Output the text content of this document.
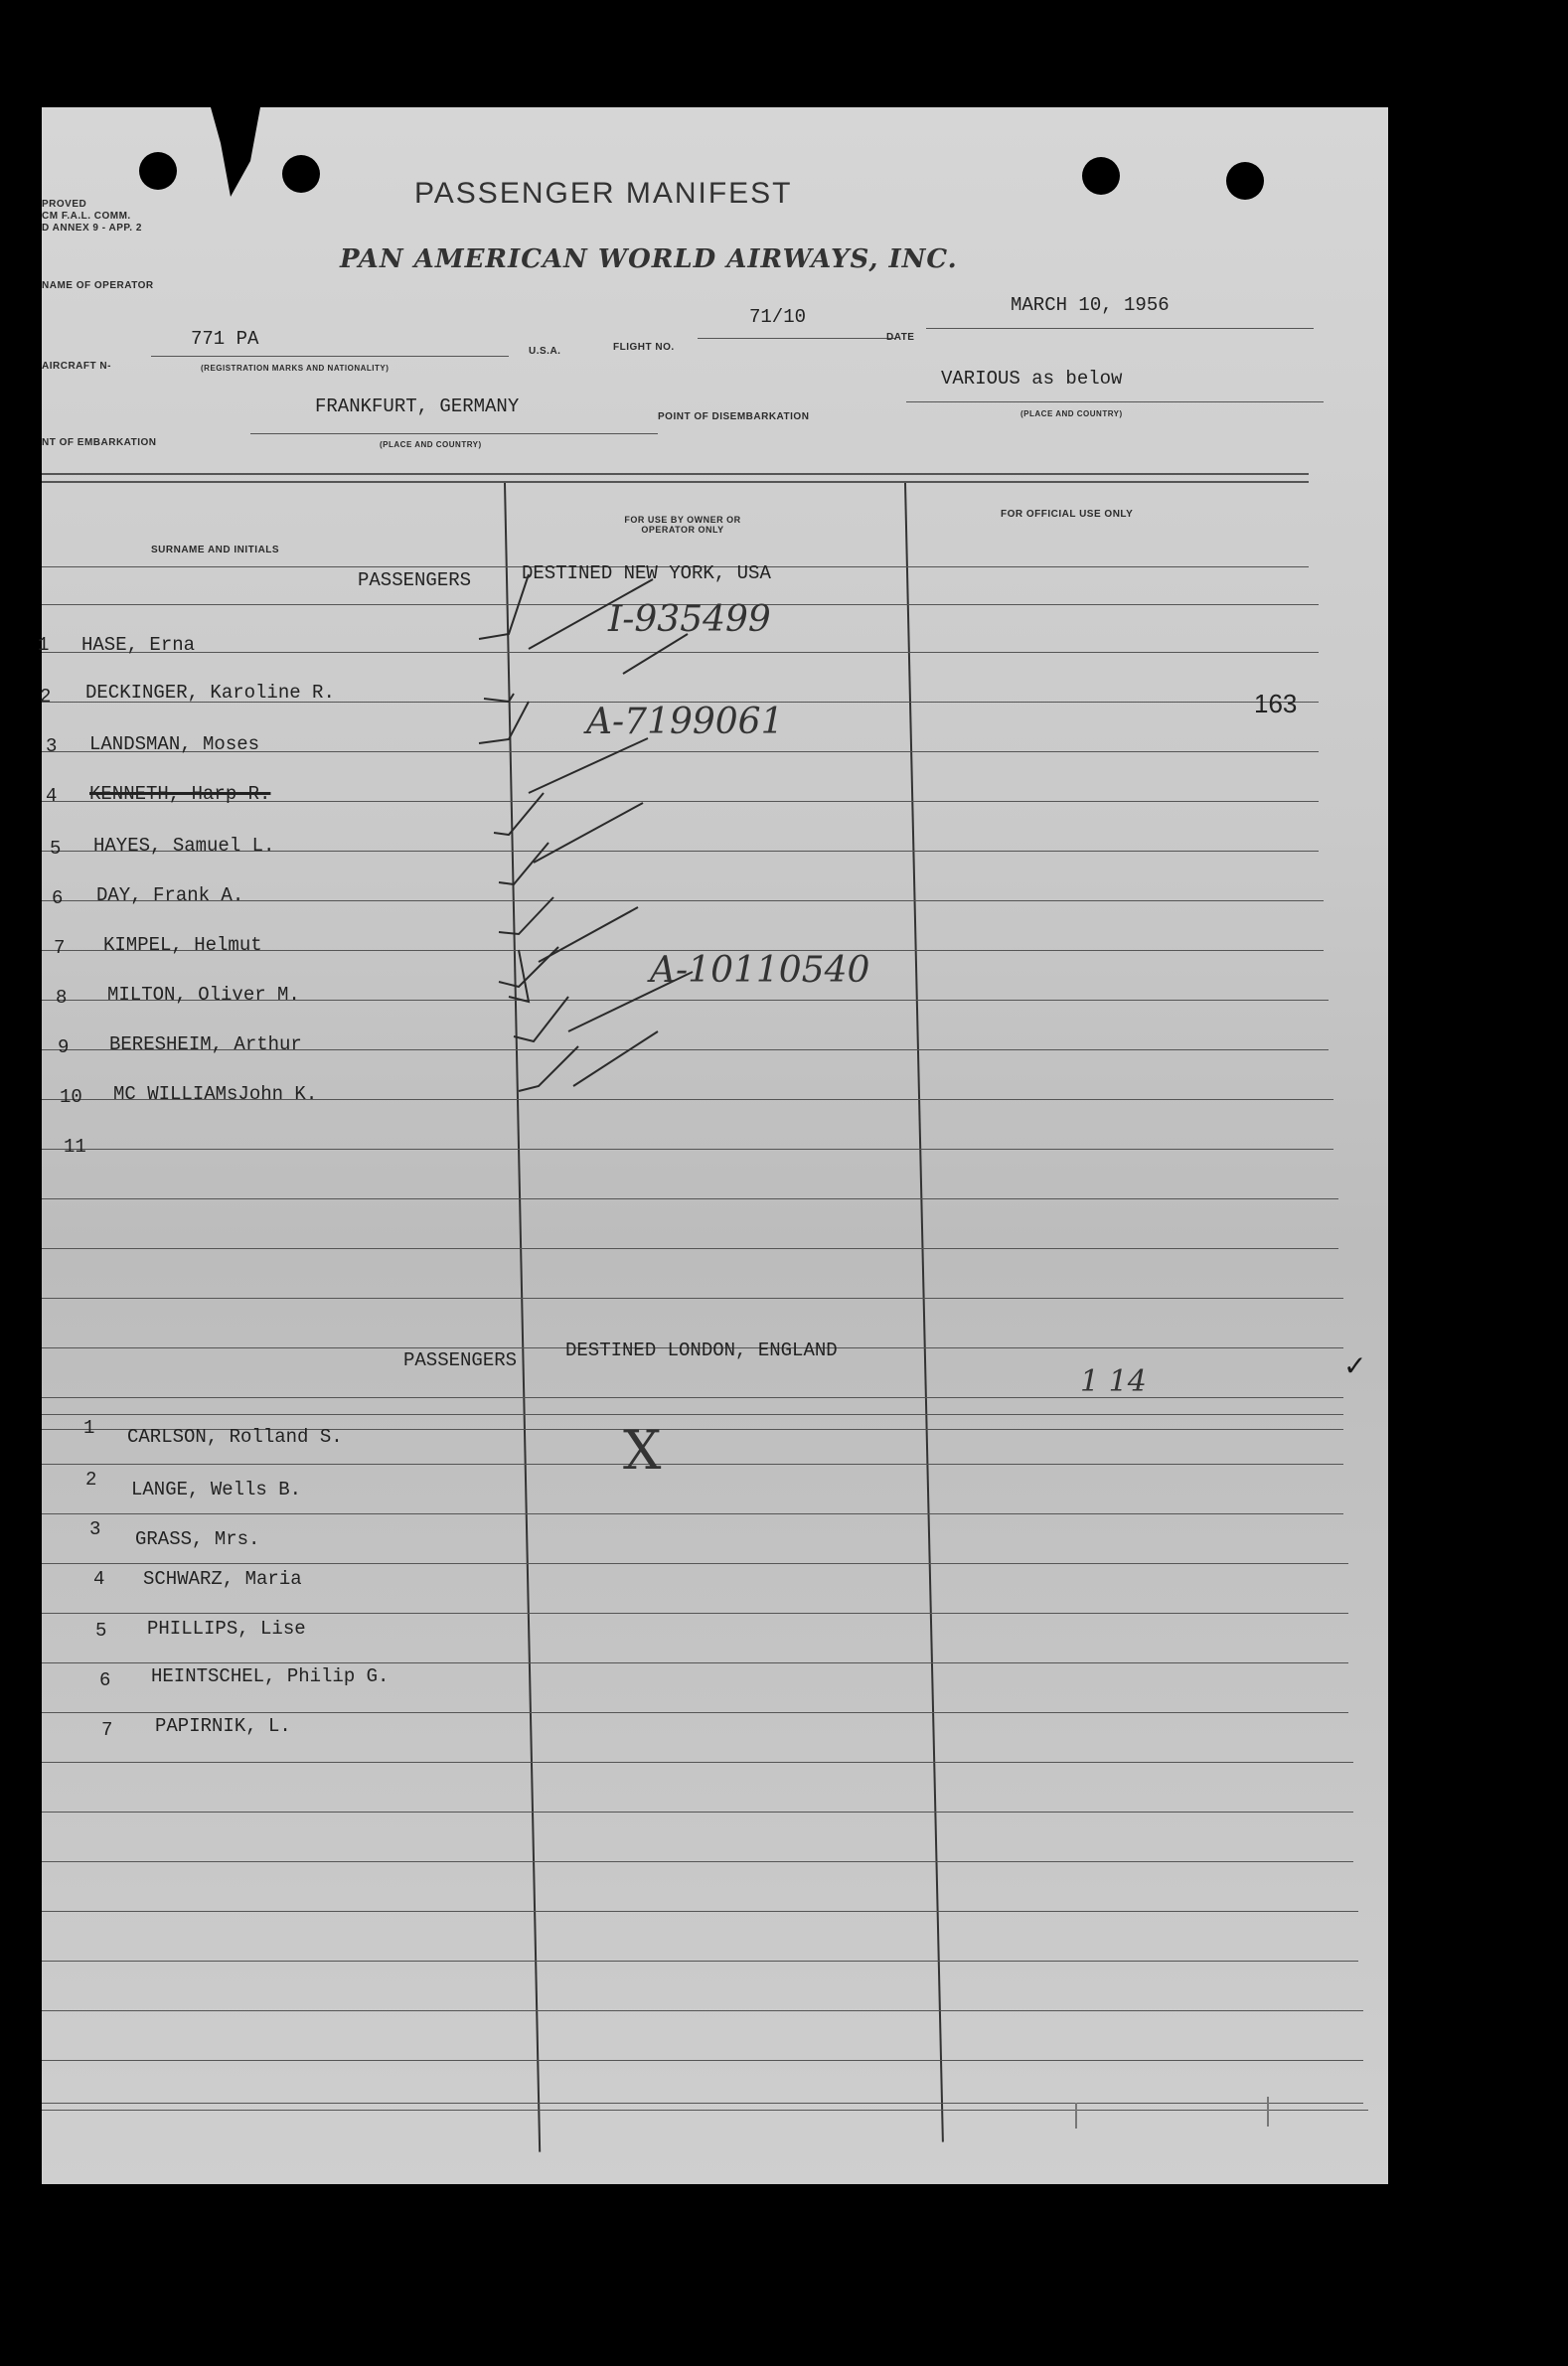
PROVED
CM F.A.L. COMM.
D ANNEX 9 - APP. 2
PASSENGER MANIFEST
PAN AMERICAN WORLD AIRWAYS, INC.
NAME OF OPERATOR
AIRCRAFT N-
771 PA
(REGISTRATION MARKS AND NATIONALITY)
U.S.A.	FLIGHT NO.
71/10
DATE
MARCH 10, 1956
FRANKFURT, GERMANY
NT OF EMBARKATION	(PLACE AND COUNTRY)
POINT OF DISEMBARKATION
VARIOUS as below
(PLACE AND COUNTRY)
SURNAME AND INITIALS
FOR USE BY OWNER OR OPERATOR ONLY
FOR OFFICIAL USE ONLY
PASSENGERS	DESTINED NEW YORK, USA
1 HASE, Erna
I-935499
2 DECKINGER, Karoline R.	163
3 LANDSMAN, Moses
A-7199061
4 KENNETH, Harp R.
5 HAYES, Samuel L.
6 DAY, Frank A.
7 KIMPEL, Helmut
8 MILTON, Oliver M.
A-10110540
9 BERESHEIM, Arthur
10 MC WILLIAMsJohn K.
11
PASSENGERS	DESTINED LONDON, ENGLAND
1 14	✓
1 CARLSON, Rolland S.	X
2 LANGE, Wells B.
3 GRASS, Mrs.
4 SCHWARZ, Maria
5 PHILLIPS, Lise
6 HEINTSCHEL, Philip G.
7 PAPIRNIK, L.
